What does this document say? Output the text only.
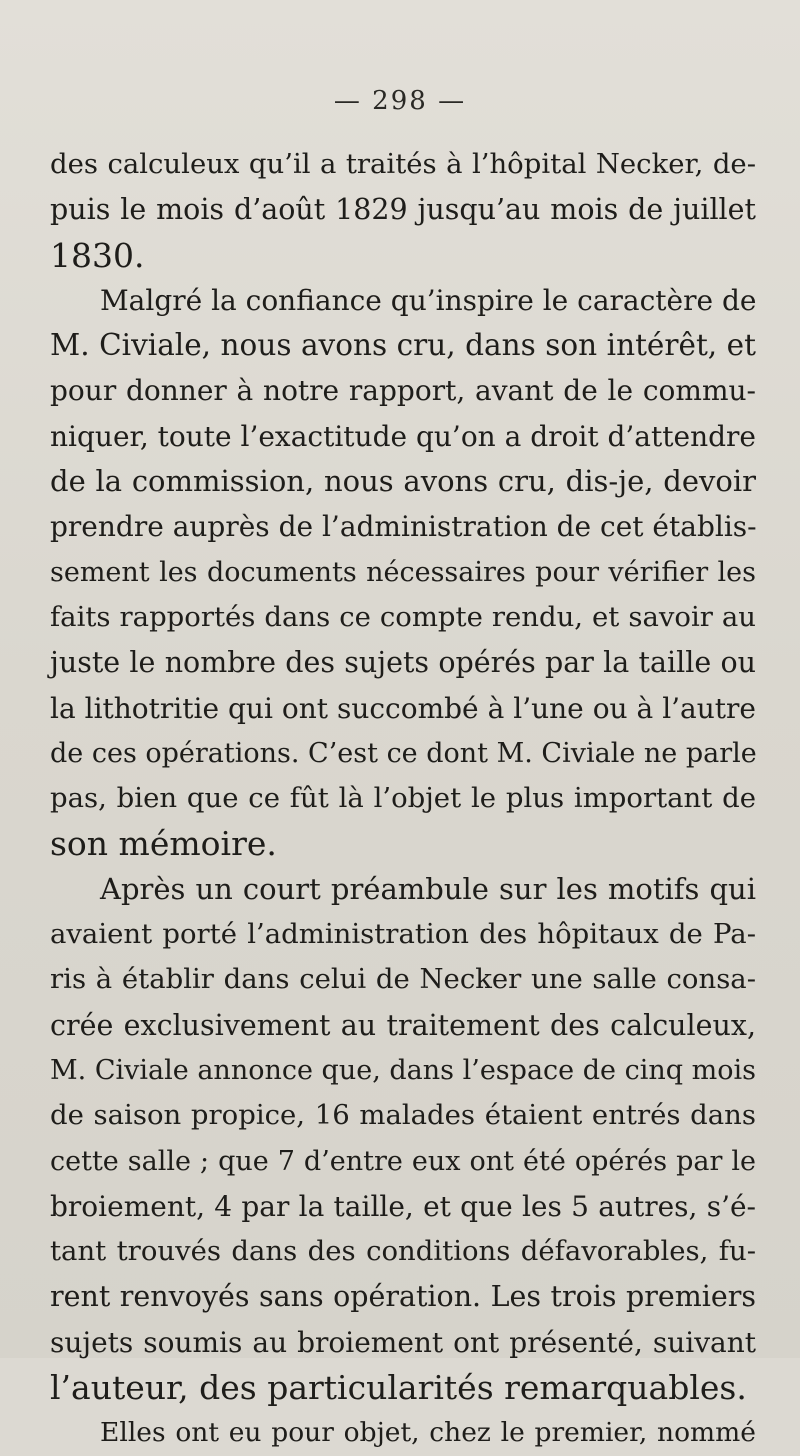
— 298 —
des calculeux qu’il a traités à l’hôpital Necker, de-
puis le mois d’août 1829 jusqu’au mois de juillet
1830.
Malgré la confiance qu’inspire le caractère de
M. Civiale, nous avons cru, dans son intérêt, et
pour donner à notre rapport, avant de le commu-
niquer, toute l’exactitude qu’on a droit d’attendre
de la commission, nous avons cru, dis-je, devoir
prendre auprès de l’administration de cet établis-
sement les documents nécessaires pour vérifier les
faits rapportés dans ce compte rendu, et savoir au
juste le nombre des sujets opérés par la taille ou
la lithotritie qui ont succombé à l’une ou à l’autre
de ces opérations. C’est ce dont M. Civiale ne parle
pas, bien que ce fût là l’objet le plus important de
son mémoire.
Après un court préambule sur les motifs qui
avaient porté l’administration des hôpitaux de Pa-
ris à établir dans celui de Necker une salle consa-
crée exclusivement au traitement des calculeux,
M. Civiale annonce que, dans l’espace de cinq mois
de saison propice, 16 malades étaient entrés dans
cette salle ; que 7 d’entre eux ont été opérés par le
broiement, 4 par la taille, et que les 5 autres, s’é-
tant trouvés dans des conditions défavorables, fu-
rent renvoyés sans opération. Les trois premiers
sujets soumis au broiement ont présenté, suivant
l’auteur, des particularités remarquables.
Elles ont eu pour objet, chez le premier, nommé
